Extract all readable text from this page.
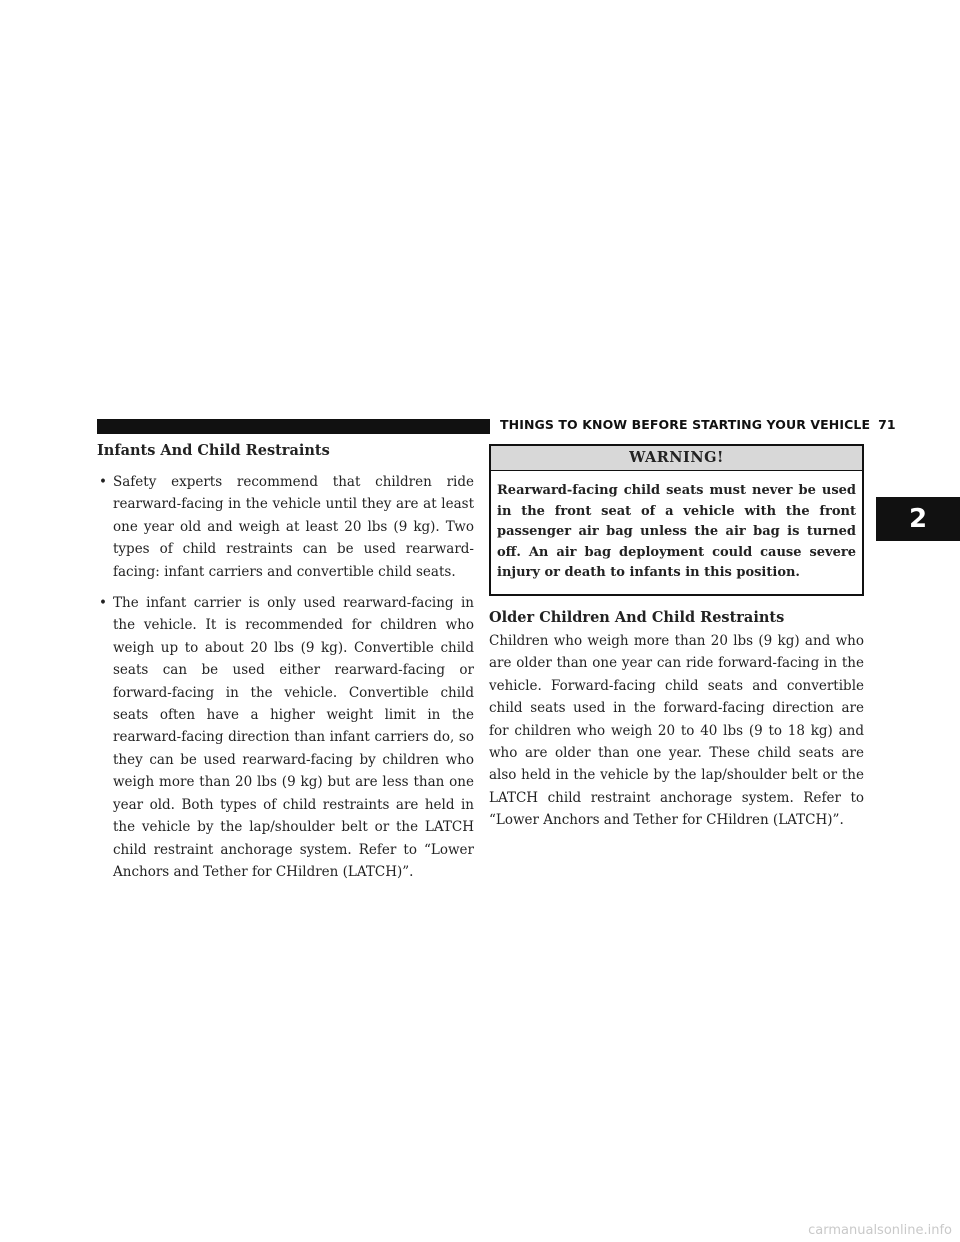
THINGS TO KNOW BEFORE STARTING YOUR VEHICLE 71
2
Infants And Child Restraints
• Safety experts recommend that children ride rearward-facing in the vehicle until they are at least one year old and weigh at least 20 lbs (9 kg). Two types of child restraints can be used rearward-facing: infant carriers and convertible child seats.
• The infant carrier is only used rearward-facing in the vehicle. It is recommended for children who weigh up to about 20 lbs (9 kg). Convertible child seats can be used either rearward-facing or forward-facing in the vehicle. Convertible child seats often have a higher weight limit in the rearward-facing direction than infant carriers do, so they can be used rearward-facing by children who weigh more than 20 lbs (9 kg) but are less than one year old. Both types of child restraints are held in the vehicle by the lap/shoulder belt or the LATCH child restraint anchorage system. Refer to “Lower Anchors and Tether for CHildren (LATCH)”.
WARNING!
Rearward-facing child seats must never be used in the front seat of a vehicle with the front passenger air bag unless the air bag is turned off. An air bag deployment could cause severe injury or death to infants in this position.
Older Children And Child Restraints

Children who weigh more than 20 lbs (9 kg) and who are older than one year can ride forward-facing in the vehicle. Forward-facing child seats and convertible child seats used in the forward-facing direction are for children who weigh 20 to 40 lbs (9 to 18 kg) and who are older than one year. These child seats are also held in the vehicle by the lap/shoulder belt or the LATCH child restraint anchorage system. Refer to “Lower Anchors and Tether for CHildren (LATCH)”.

carmanualsonline.info
